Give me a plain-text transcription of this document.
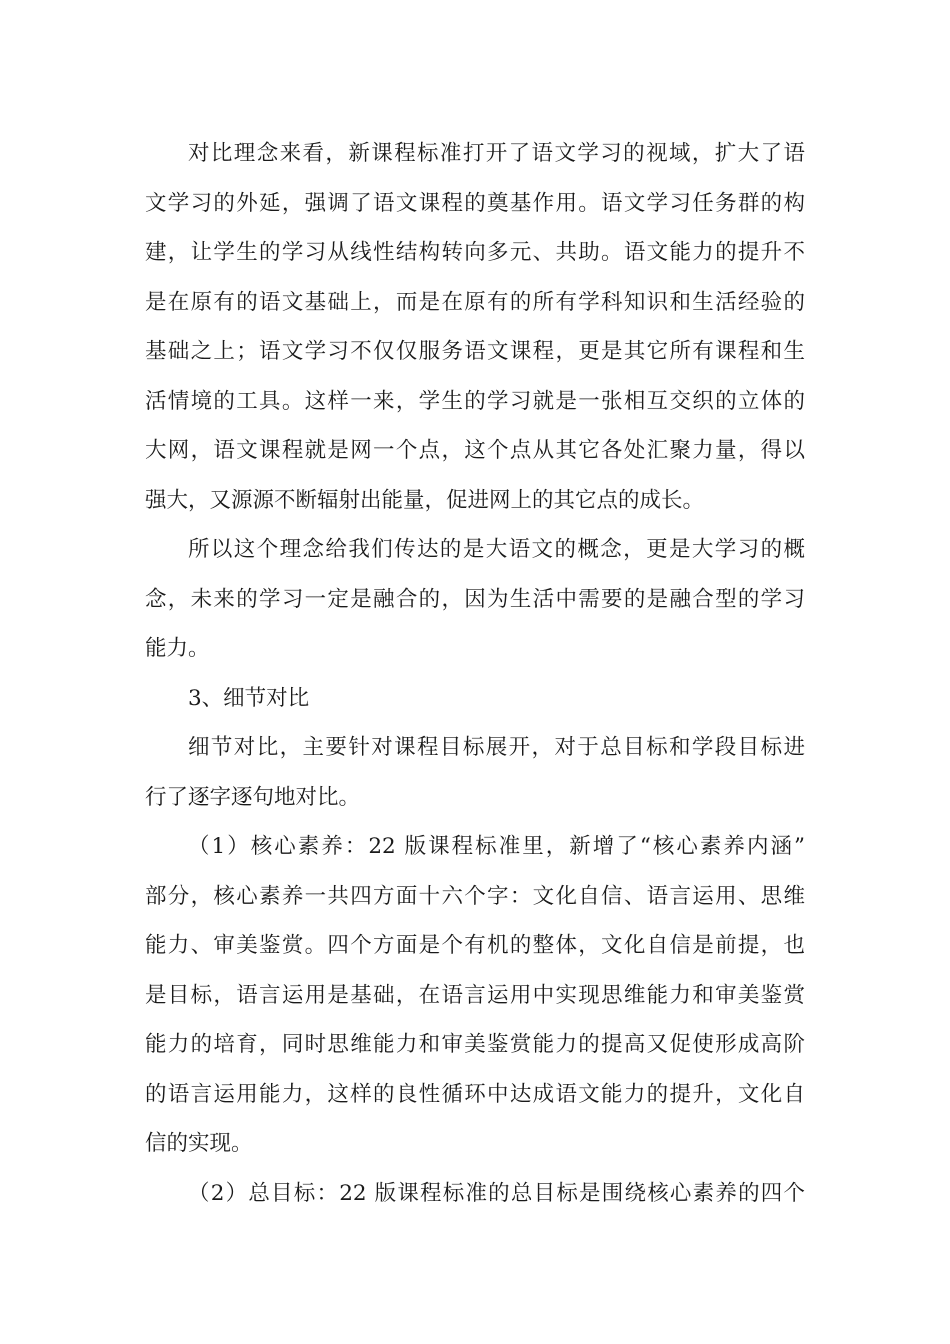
对比理念来看，新课程标准打开了语文学习的视域，扩大了语
文学习的外延，强调了语文课程的奠基作用。语文学习任务群的构
建，让学生的学习从线性结构转向多元、共助。语文能力的提升不
是在原有的语文基础上，而是在原有的所有学科知识和生活经验的
基础之上；语文学习不仅仅服务语文课程，更是其它所有课程和生
活情境的工具。这样一来，学生的学习就是一张相互交织的立体的
大网，语文课程就是网一个点，这个点从其它各处汇聚力量，得以
强大，又源源不断辐射出能量，促进网上的其它点的成长。
所以这个理念给我们传达的是大语文的概念，更是大学习的概
念，未来的学习一定是融合的，因为生活中需要的是融合型的学习
能力。
3、细节对比
细节对比，主要针对课程目标展开，对于总目标和学段目标进
行了逐字逐句地对比。
（1）核心素养：22 版课程标准里，新增了“核心素养内涵”
部分，核心素养一共四方面十六个字：文化自信、语言运用、思维
能力、审美鉴赏。四个方面是个有机的整体，文化自信是前提，也
是目标，语言运用是基础，在语言运用中实现思维能力和审美鉴赏
能力的培育，同时思维能力和审美鉴赏能力的提高又促使形成高阶
的语言运用能力，这样的良性循环中达成语文能力的提升，文化自
信的实现。
（2）总目标：22 版课程标准的总目标是围绕核心素养的四个
